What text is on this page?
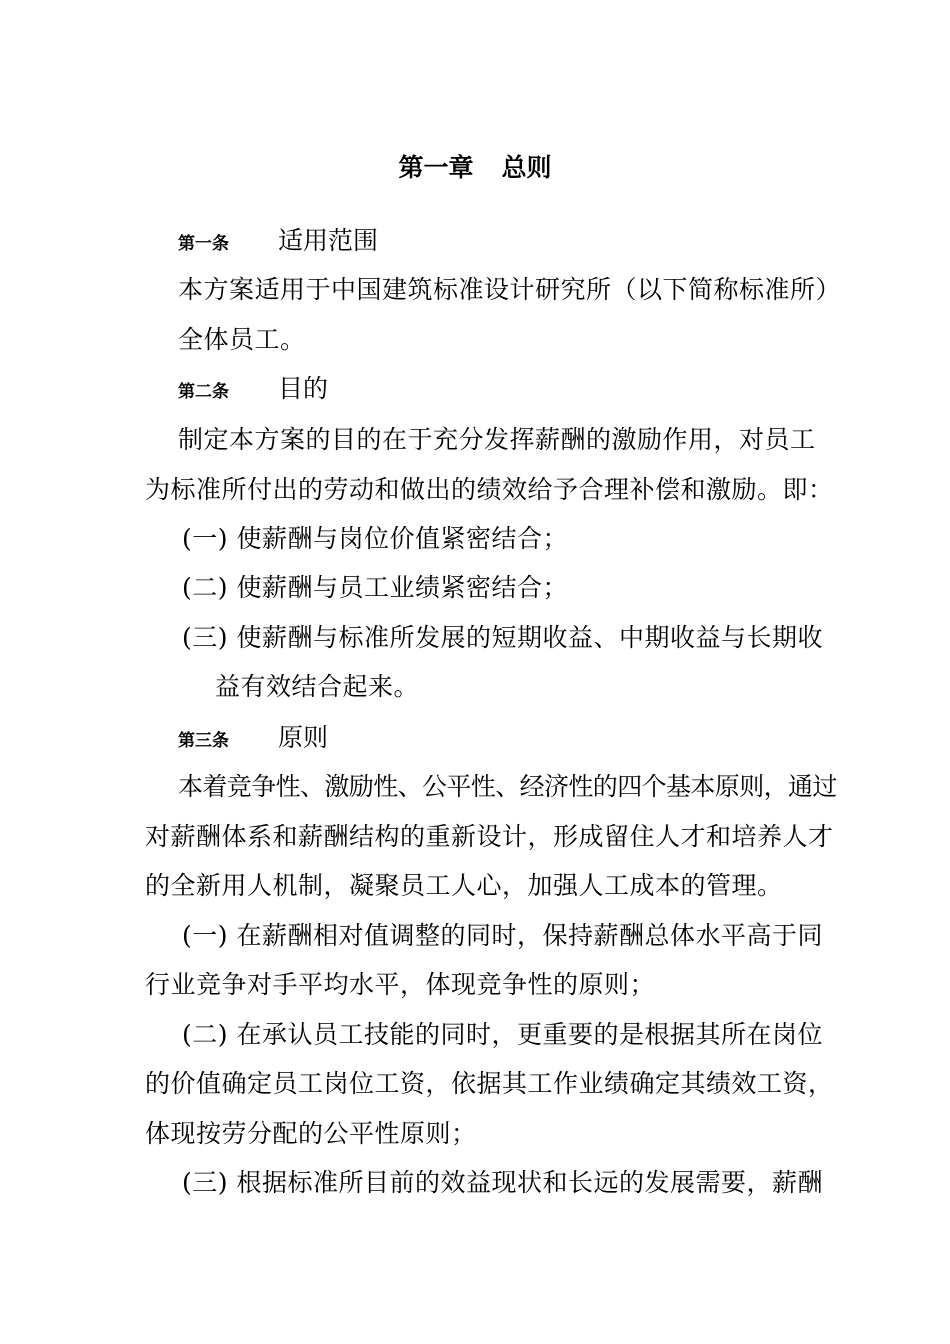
第一章 总则
第一条 适用范围
本方案适用于中国建筑标准设计研究所（以下简称标准所）
全体员工。
第二条 目的
制定本方案的目的在于充分发挥薪酬的激励作用，对员工
为标准所付出的劳动和做出的绩效给予合理补偿和激励。即：
(一) 使薪酬与岗位价值紧密结合；
(二) 使薪酬与员工业绩紧密结合；
(三) 使薪酬与标准所发展的短期收益、中期收益与长期收
益有效结合起来。
第三条 原则
本着竞争性、激励性、公平性、经济性的四个基本原则，通过
对薪酬体系和薪酬结构的重新设计，形成留住人才和培养人才
的全新用人机制，凝聚员工人心，加强人工成本的管理。
(一) 在薪酬相对值调整的同时，保持薪酬总体水平高于同
行业竞争对手平均水平，体现竞争性的原则；
(二) 在承认员工技能的同时，更重要的是根据其所在岗位
的价值确定员工岗位工资，依据其工作业绩确定其绩效工资，
体现按劳分配的公平性原则；
(三) 根据标准所目前的效益现状和长远的发展需要，薪酬
